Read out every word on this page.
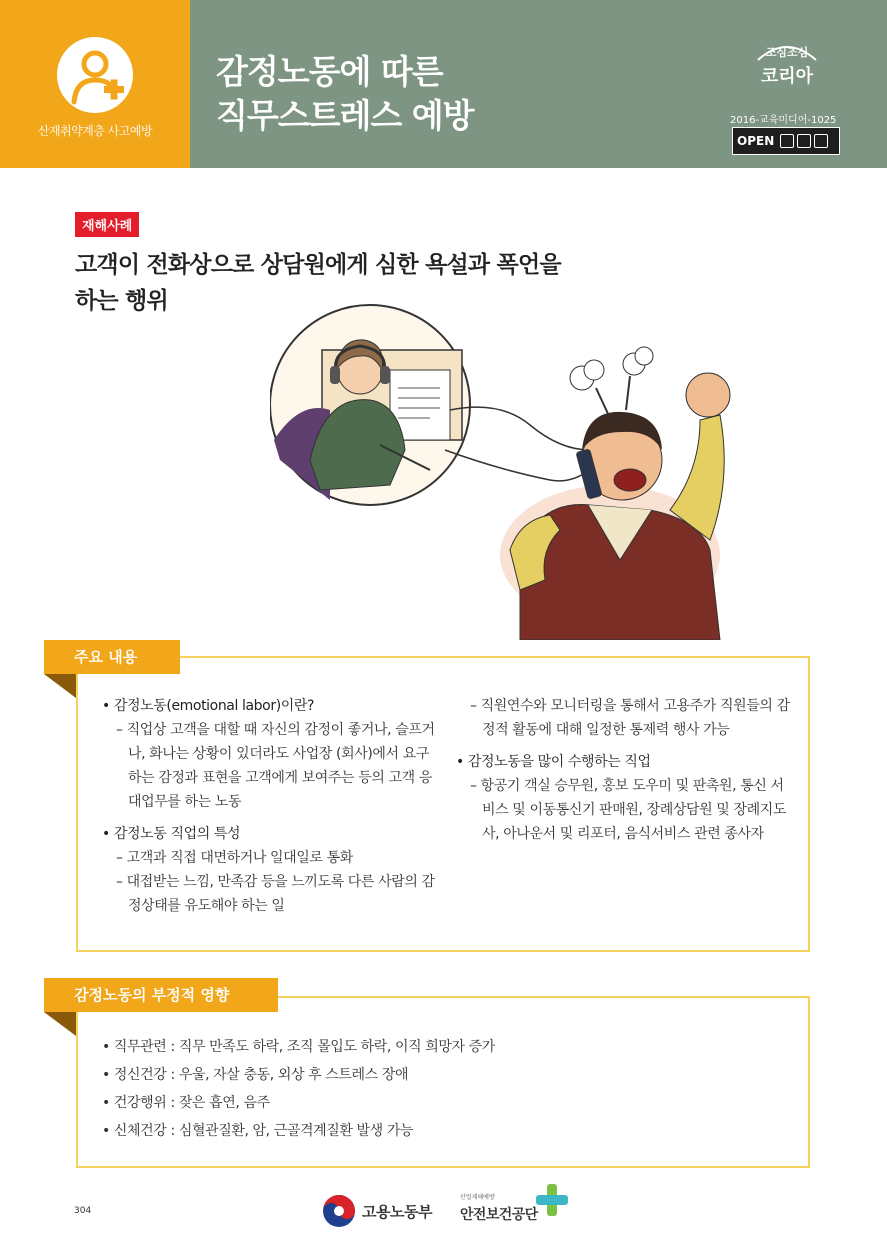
산재취약계층 사고예방
감정노동에 따른
직무스트레스 예방
조심조심
코리아
2016-교육미디어-1025
OPEN
재해사례
고객이 전화상으로 상담원에게 심한 욕설과 폭언을
하는 행위
주요 내용
• 감정노동(emotional labor)이란?
– 직업상 고객을 대할 때 자신의 감정이 좋거나, 슬프거나, 화나는 상황이 있더라도 사업장 (회사)에서 요구하는 감정과 표현을 고객에게 보여주는 등의 고객 응대업무를 하는 노동
• 감정노동 직업의 특성
– 고객과 직접 대면하거나 일대일로 통화
– 대접받는 느낌, 만족감 등을 느끼도록 다른 사람의 감정상태를 유도해야 하는 일
– 직원연수와 모니터링을 통해서 고용주가 직원들의 감정적 활동에 대해 일정한 통제력 행사 가능
• 감정노동을 많이 수행하는 직업
– 항공기 객실 승무원, 홍보 도우미 및 판촉원, 통신 서비스 및 이동통신기 판매원, 장례상담원 및 장례지도사, 아나운서 및 리포터, 음식서비스 관련 종사자
감정노동의 부정적 영향
• 직무관련 : 직무 만족도 하락, 조직 몰입도 하락, 이직 희망자 증가
• 정신건강 : 우울, 자살 충동, 외상 후 스트레스 장애
• 건강행위 : 잦은 흡연, 음주
• 신체건강 : 심혈관질환, 암, 근골격계질환 발생 가능
304	고용노동부
산업재해예방
안전보건공단
